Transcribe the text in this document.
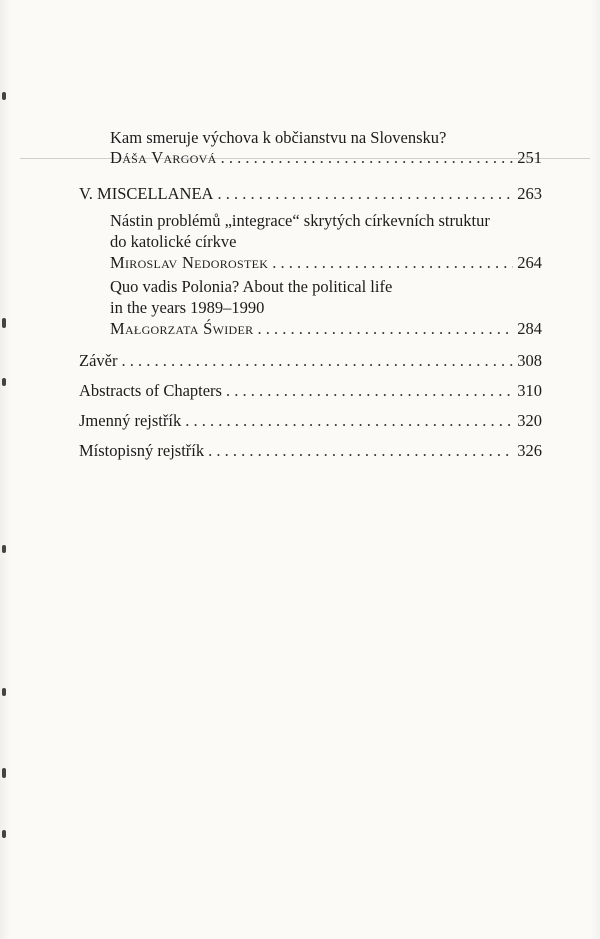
Kam smeruje výchova k občianstvu na Slovensku?
Dáša Vargová . . .	251
V. MISCELLANEA . . .	263
Nástin problémů „integrace“ skrytých církevních struktur
do katolické církve
Miroslav Nedorostek . . .	264
Quo vadis Polonia? About the political life
in the years 1989–1990
Małgorzata Świder . . .	284
Závěr . . .	308
Abstracts of Chapters . . .	310
Jmenný rejstřík . . .	320
Místopisný rejstřík . . .	326
